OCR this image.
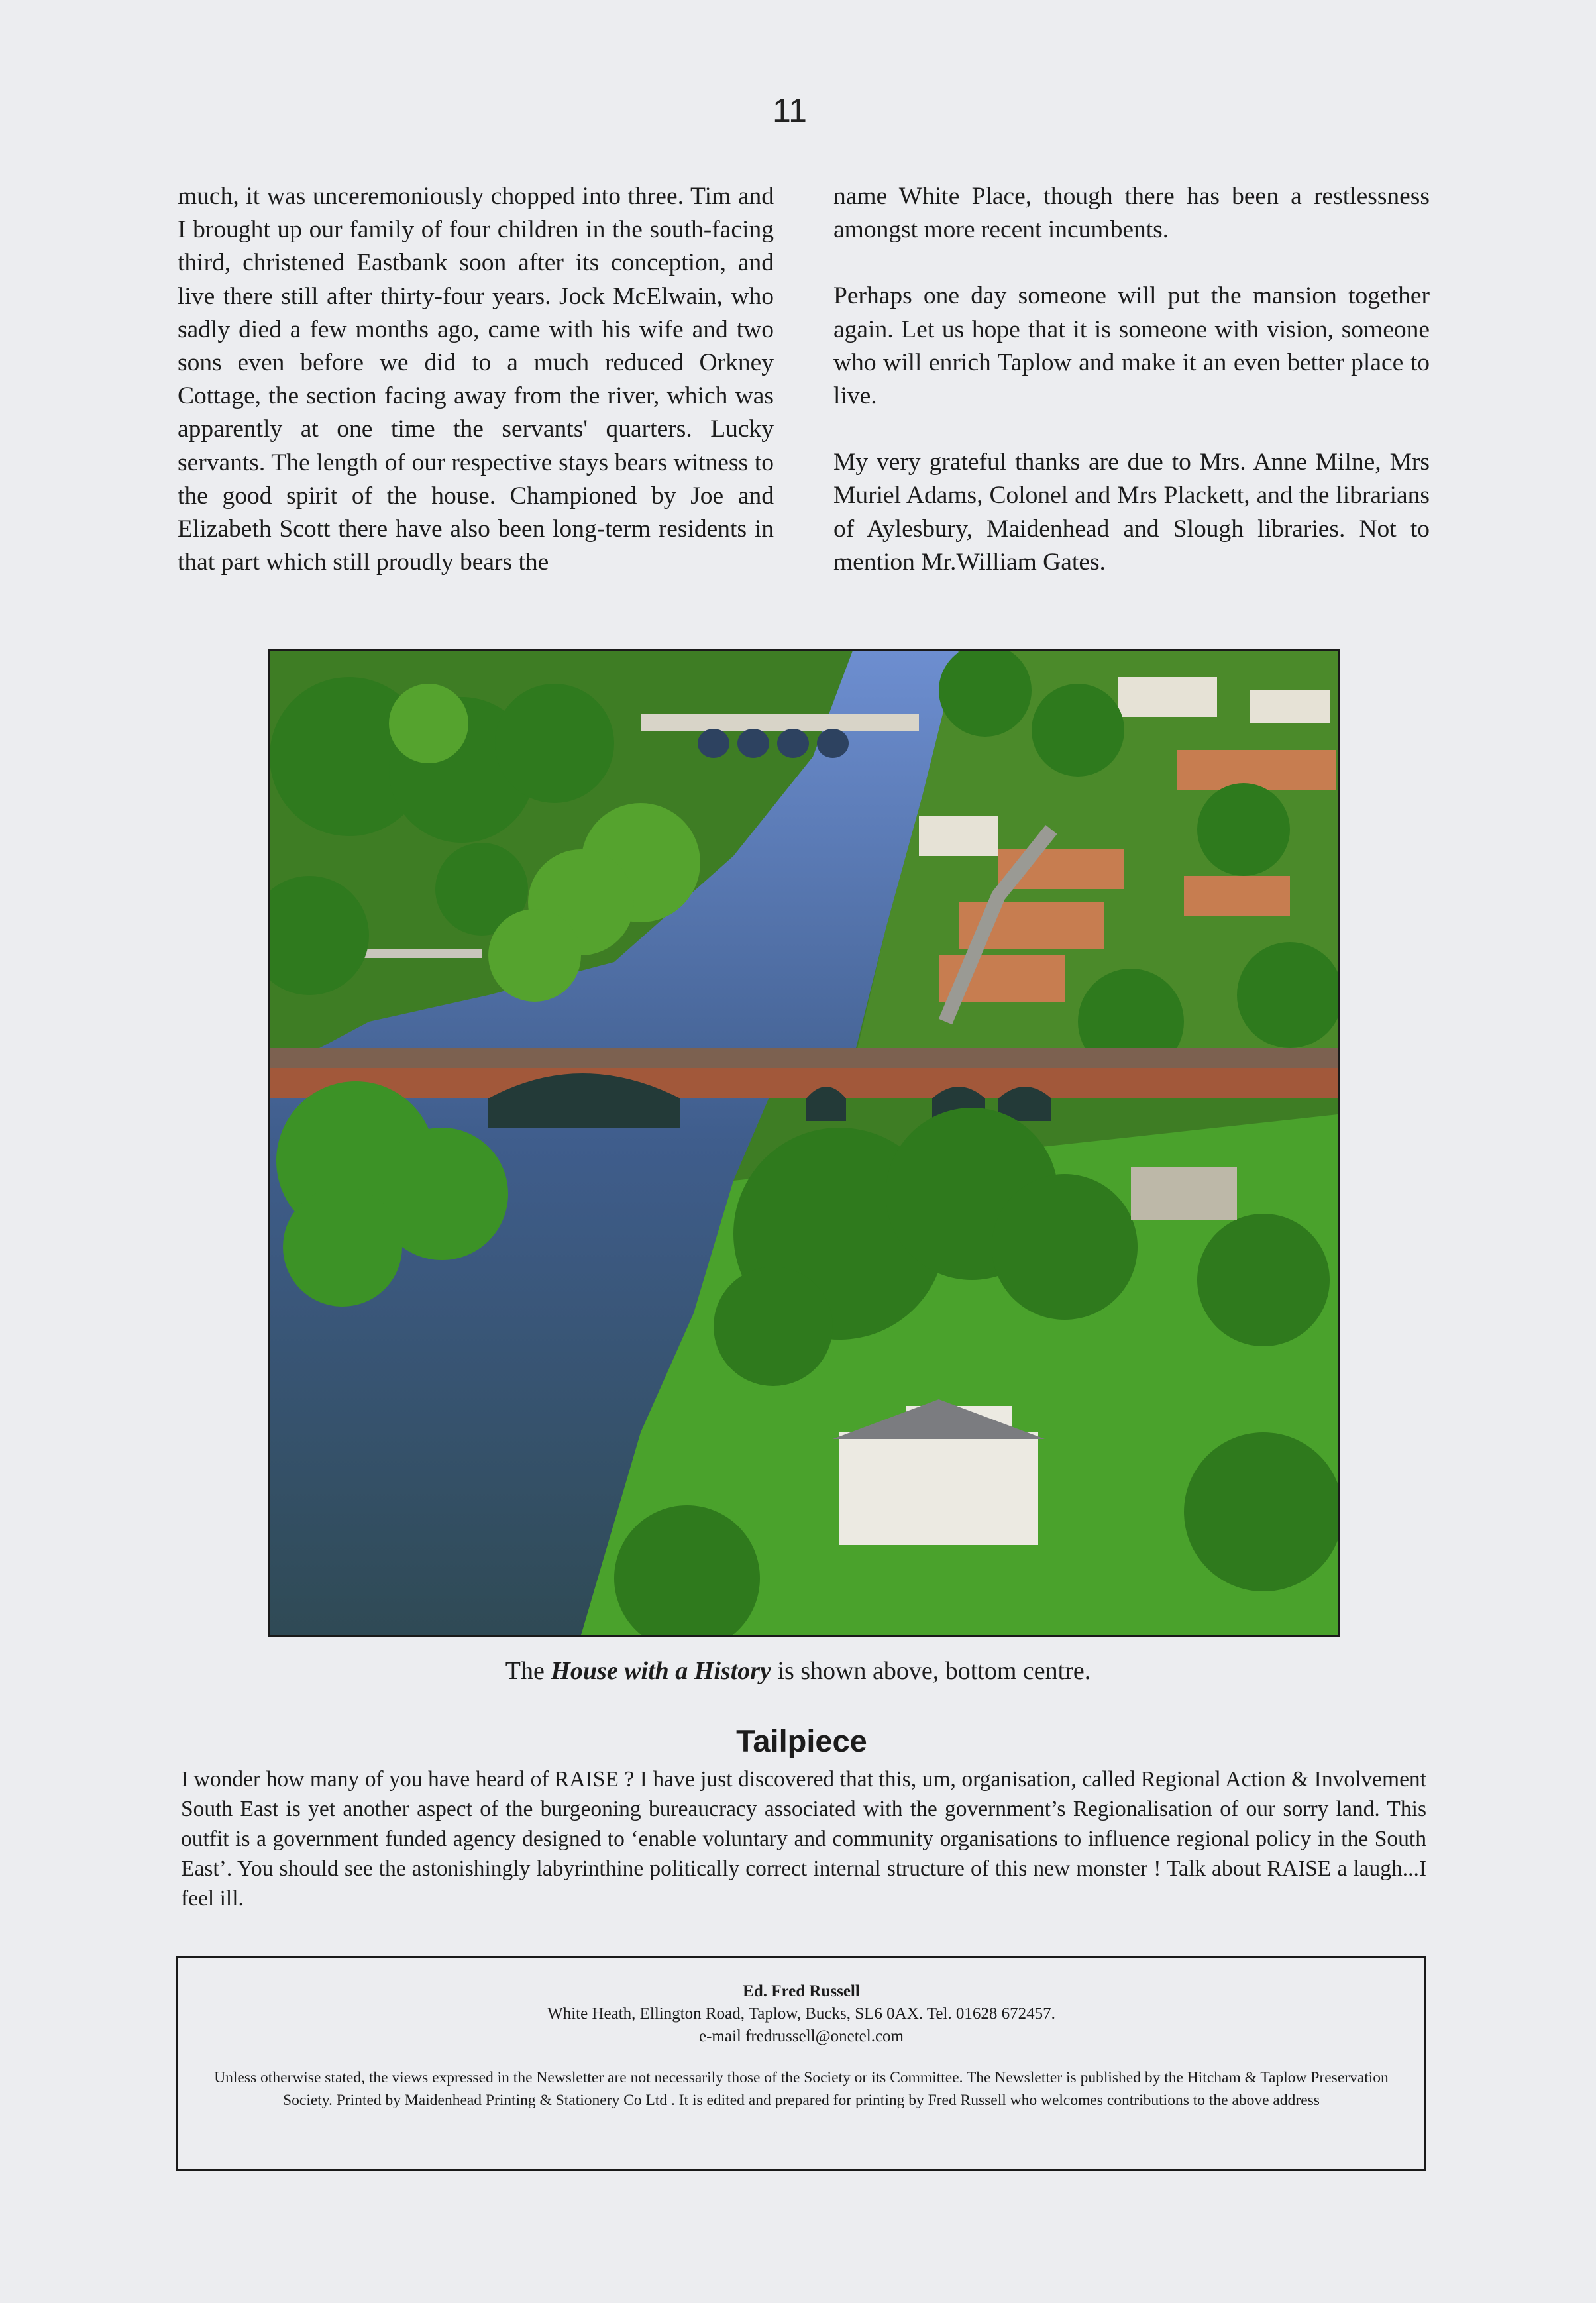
11

much, it was unceremoniously chopped into three. Tim and I brought up our family of four children in the south-facing third, christened Eastbank soon after its conception, and live there still after thirty-four years. Jock McElwain, who sadly died a few months ago, came with his wife and two sons even before we did to a much reduced Orkney Cottage, the section facing away from the river, which was apparently at one time the servants' quarters. Lucky servants. The length of our respective stays bears witness to the good spirit of the house. Championed by Joe and Elizabeth Scott there have also been long-term residents in that part which still proudly bears the

name White Place, though there has been a restlessness amongst more recent incumbents.

Perhaps one day someone will put the mansion together again. Let us hope that it is someone with vision, someone who will enrich Taplow and make it an even better place to live.

My very grateful thanks are due to Mrs. Anne Milne, Mrs Muriel Adams, Colonel and Mrs Plackett, and the librarians of Aylesbury, Maidenhead and Slough libraries. Not to mention Mr.William Gates.

The House with a History is shown above, bottom centre.
Tailpiece
I wonder how many of you have heard of RAISE ? I have just discovered that this, um, organisation, called Regional Action & Involvement South East is yet another aspect of the burgeoning bureaucracy associated with the government’s Regionalisation of our sorry land. This outfit is a government funded agency designed to ‘enable voluntary and community organisations to influence regional policy in the South East’. You should see the astonishingly labyrinthine politically correct internal structure of this new monster ! Talk about RAISE a laugh...I feel ill.
Ed. Fred Russell
White Heath, Ellington Road, Taplow, Bucks, SL6 0AX. Tel. 01628 672457.
e-mail fredrussell@onetel.com
Unless otherwise stated, the views expressed in the Newsletter are not necessarily those of the Society or its Committee. The Newsletter is published by the Hitcham & Taplow Preservation Society. Printed by Maidenhead Printing & Stationery Co Ltd . It is edited and prepared for printing by Fred Russell who welcomes contributions to the above address
